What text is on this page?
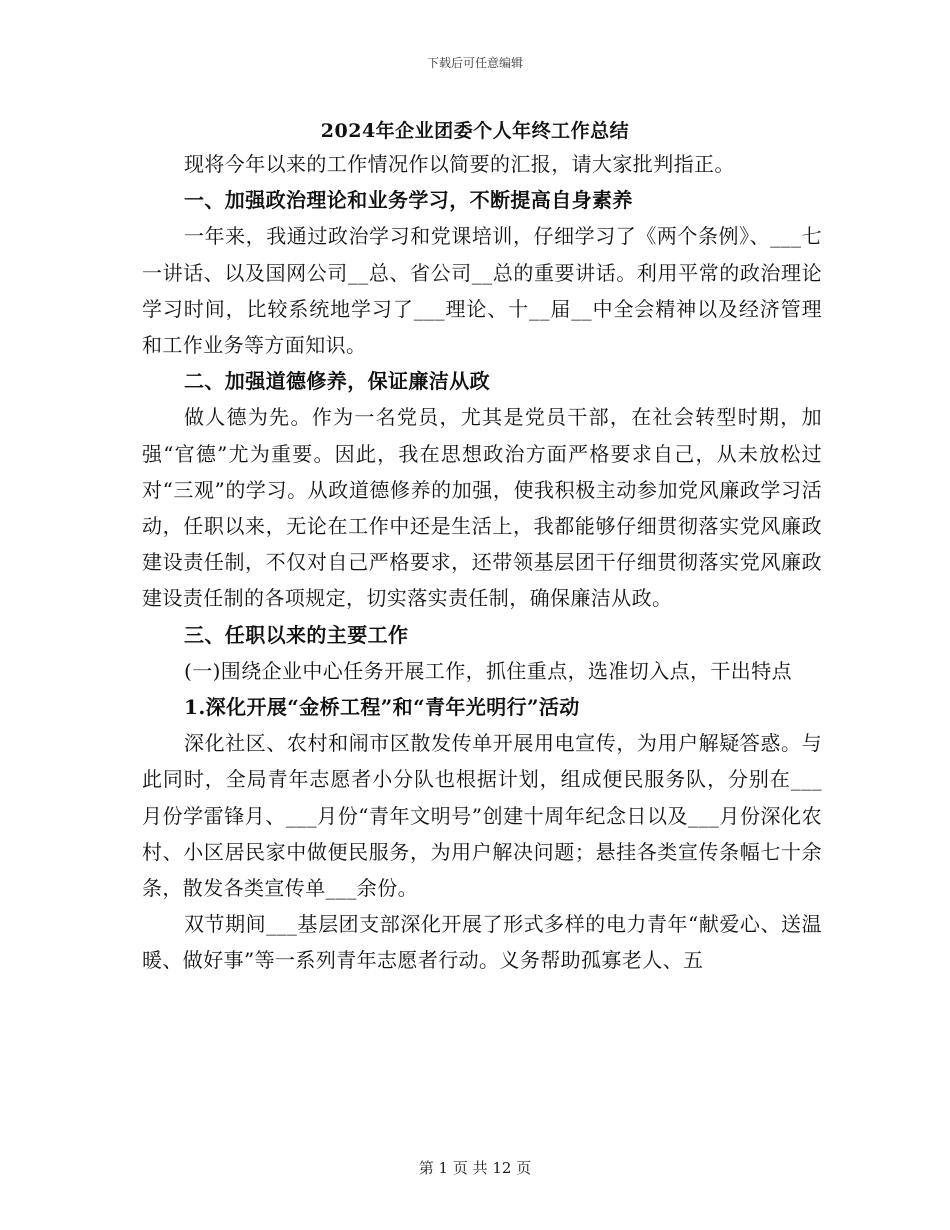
下载后可任意编辑
2024年企业团委个人年终工作总结

现将今年以来的工作情况作以简要的汇报，请大家批判指正。

一、加强政治理论和业务学习，不断提高自身素养

一年来，我通过政治学习和党课培训，仔细学习了《两个条例》、___七一讲话、以及国网公司__总、省公司__总的重要讲话。利用平常的政治理论学习时间，比较系统地学习了___理论、十__届__中全会精神以及经济管理和工作业务等方面知识。

二、加强道德修养，保证廉洁从政

做人德为先。作为一名党员，尤其是党员干部，在社会转型时期，加强“官德”尤为重要。因此，我在思想政治方面严格要求自己，从未放松过对“三观”的学习。从政道德修养的加强，使我积极主动参加党风廉政学习活动，任职以来，无论在工作中还是生活上，我都能够仔细贯彻落实党风廉政建设责任制，不仅对自己严格要求，还带领基层团干仔细贯彻落实党风廉政建设责任制的各项规定，切实落实责任制，确保廉洁从政。

三、任职以来的主要工作

(一)围绕企业中心任务开展工作，抓住重点，选准切入点，干出特点

1.深化开展“金桥工程”和“青年光明行”活动

深化社区、农村和闹市区散发传单开展用电宣传，为用户解疑答惑。与此同时，全局青年志愿者小分队也根据计划，组成便民服务队，分别在___月份学雷锋月、___月份“青年文明号”创建十周年纪念日以及___月份深化农村、小区居民家中做便民服务，为用户解决问题；悬挂各类宣传条幅七十余条，散发各类宣传单___余份。

双节期间___基层团支部深化开展了形式多样的电力青年“献爱心、送温暖、做好事”等一系列青年志愿者行动。义务帮助孤寡老人、五

第 1 页 共 12 页
